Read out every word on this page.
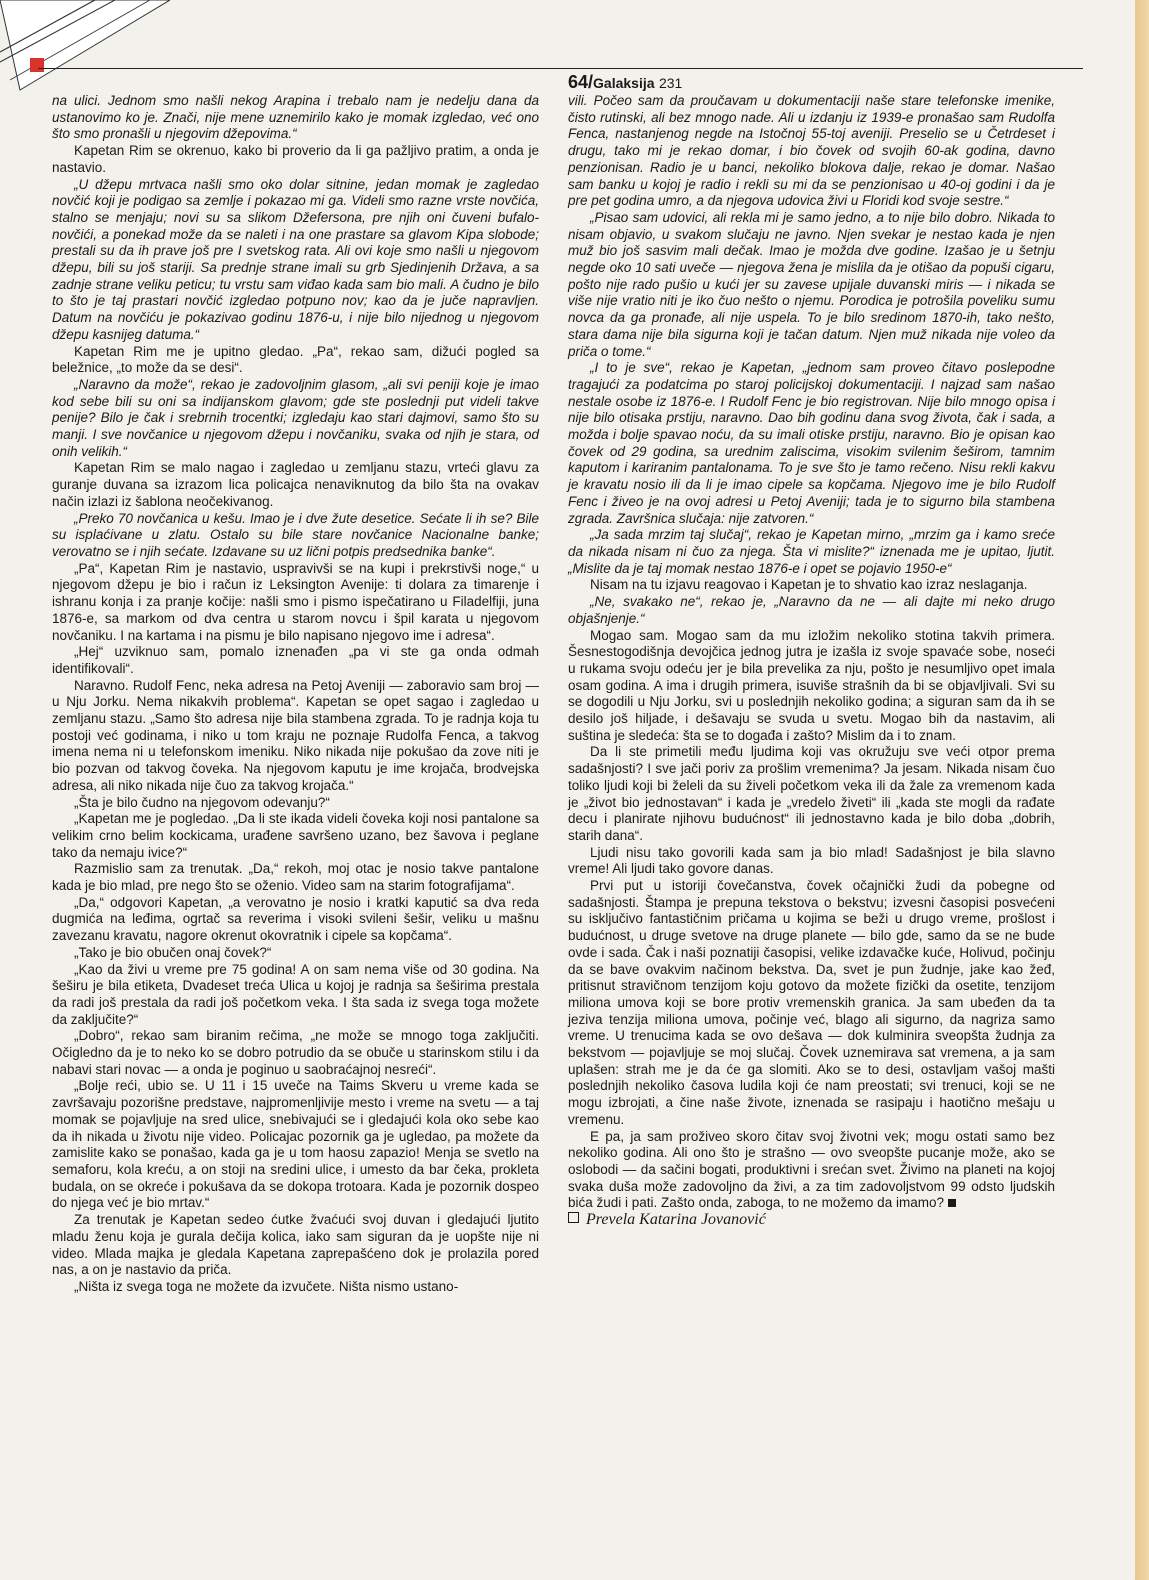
64/Galaksija 231

na ulici. Jednom smo našli nekog Arapina i trebalo nam je nedelju dana da ustanovimo ko je. Znači, nije mene uznemirilo kako je momak izgledao, već ono što smo pronašli u njegovim džepovima.“

Kapetan Rim se okrenuo, kako bi proverio da li ga pažljivo pratim, a onda je nastavio.

„U džepu mrtvaca našli smo oko dolar sitnine, jedan momak je zagledao novčić koji je podigao sa zemlje i pokazao mi ga. Videli smo razne vrste novčića, stalno se menjaju; novi su sa slikom Džefersona, pre njih oni čuveni bufalo-novčići, a ponekad može da se naleti i na one prastare sa glavom Kipa slobode; prestali su da ih prave još pre I svetskog rata. Ali ovi koje smo našli u njegovom džepu, bili su još stariji. Sa prednje strane imali su grb Sjedinjenih Država, a sa zadnje strane veliku peticu; tu vrstu sam viđao kada sam bio mali. A čudno je bilo to što je taj prastari novčić izgledao potpuno nov; kao da je juče napravljen. Datum na novčiću je pokazivao godinu 1876-u, i nije bilo nijednog u njegovom džepu kasnijeg datuma.“

Kapetan Rim me je upitno gledao. „Pa“, rekao sam, dižući pogled sa beležnice, „to može da se desi“.

„Naravno da može“, rekao je zadovoljnim glasom, „ali svi peniji koje je imao kod sebe bili su oni sa indijanskom glavom; gde ste poslednji put videli takve penije? Bilo je čak i srebrnih trocentki; izgledaju kao stari dajmovi, samo što su manji. I sve novčanice u njegovom džepu i novčaniku, svaka od njih je stara, od onih velikih.“

Kapetan Rim se malo nagao i zagledao u zemljanu stazu, vrteći glavu za guranje duvana sa izrazom lica policajca nenaviknutog da bilo šta na ovakav način izlazi iz šablona neočekivanog.

„Preko 70 novčanica u kešu. Imao je i dve žute desetice. Sećate li ih se? Bile su isplaćivane u zlatu. Ostalo su bile stare novčanice Nacionalne banke; verovatno se i njih sećate. Izdavane su uz lični potpis predsednika banke“.

„Pa“, Kapetan Rim je nastavio, uspravivši se na kupi i prekrstivši noge,“ u njegovom džepu je bio i račun iz Leksington Avenije: ti dolara za timarenje i ishranu konja i za pranje kočije: našli smo i pismo ispečatirano u Filadelfiji, juna 1876-e, sa markom od dva centra u starom novcu i špil karata u njegovom novčaniku. I na kartama i na pismu je bilo napisano njegovo ime i adresa“.

„Hej“ uzviknuo sam, pomalo iznenađen „pa vi ste ga onda odmah identifikovali“.

Naravno. Rudolf Fenc, neka adresa na Petoj Aveniji — zaboravio sam broj — u Nju Jorku. Nema nikakvih problema“. Kapetan se opet sagao i zagledao u zemljanu stazu. „Samo što adresa nije bila stambena zgrada. To je radnja koja tu postoji već godinama, i niko u tom kraju ne poznaje Rudolfa Fenca, a takvog imena nema ni u telefonskom imeniku. Niko nikada nije pokušao da zove niti je bio pozvan od takvog čoveka. Na njegovom kaputu je ime krojača, brodvejska adresa, ali niko nikada nije čuo za takvog krojača.“

„Šta je bilo čudno na njegovom odevanju?“

„Kapetan me je pogledao. „Da li ste ikada videli čoveka koji nosi pantalone sa velikim crno belim kockicama, urađene savršeno uzano, bez šavova i peglane tako da nemaju ivice?“

Razmislio sam za trenutak. „Da,“ rekoh, moj otac je nosio takve pantalone kada je bio mlad, pre nego što se oženio. Video sam na starim fotografijama“.

„Da,“ odgovori Kapetan, „a verovatno je nosio i kratki kaputić sa dva reda dugmića na leđima, ogrtač sa reverima i visoki svileni šešir, veliku u mašnu zavezanu kravatu, nagore okrenut okovratnik i cipele sa kopčama“.

„Tako je bio obučen onaj čovek?“

„Kao da živi u vreme pre 75 godina! A on sam nema više od 30 godina. Na šeširu je bila etiketa, Dvadeset treća Ulica u kojoj je radnja sa šeširima prestala da radi još prestala da radi još početkom veka. I šta sada iz svega toga možete da zaključite?“

„Dobro“, rekao sam biranim rečima, „ne može se mnogo toga zaključiti. Očigledno da je to neko ko se dobro potrudio da se obuče u starinskom stilu i da nabavi stari novac — a onda je poginuo u saobraćajnoj nesreći“.

„Bolje reći, ubio se. U 11 i 15 uveče na Taims Skveru u vreme kada se završavaju pozorišne predstave, najpromenljivije mesto i vreme na svetu — a taj momak se pojavljuje na sred ulice, snebivajući se i gledajući kola oko sebe kao da ih nikada u životu nije video. Policajac pozornik ga je ugledao, pa možete da zamislite kako se ponašao, kada ga je u tom haosu zapazio! Menja se svetlo na semaforu, kola kreću, a on stoji na sredini ulice, i umesto da bar čeka, prokleta budala, on se okreće i pokušava da se dokopa trotoara. Kada je pozornik dospeo do njega već je bio mrtav.“

Za trenutak je Kapetan sedeo ćutke žvaćući svoj duvan i gledajući ljutito mladu ženu koja je gurala dečija kolica, iako sam siguran da je uopšte nije ni video. Mlada majka je gledala Kapetana zaprepašćeno dok je prolazila pored nas, a on je nastavio da priča.

„Ništa iz svega toga ne možete da izvučete. Ništa nismo ustano-

vili. Počeo sam da proučavam u dokumentaciji naše stare telefonske imenike, čisto rutinski, ali bez mnogo nade. Ali u izdanju iz 1939-e pronašao sam Rudolfa Fenca, nastanjenog negde na Istočnoj 55-toj aveniji. Preselio se u Četrdeset i drugu, tako mi je rekao domar, i bio čovek od svojih 60-ak godina, davno penzionisan. Radio je u banci, nekoliko blokova dalje, rekao je domar. Našao sam banku u kojoj je radio i rekli su mi da se penzionisao u 40-oj godini i da je pre pet godina umro, a da njegova udovica živi u Floridi kod svoje sestre.“

„Pisao sam udovici, ali rekla mi je samo jedno, a to nije bilo dobro. Nikada to nisam objavio, u svakom slučaju ne javno. Njen svekar je nestao kada je njen muž bio još sasvim mali dečak. Imao je možda dve godine. Izašao je u šetnju negde oko 10 sati uveče — njegova žena je mislila da je otišao da popuši cigaru, pošto nije rado pušio u kući jer su zavese upijale duvanski miris — i nikada se više nije vratio niti je iko čuo nešto o njemu. Porodica je potrošila poveliku sumu novca da ga pronađe, ali nije uspela. To je bilo sredinom 1870-ih, tako nešto, stara dama nije bila sigurna koji je tačan datum. Njen muž nikada nije voleo da priča o tome.“

„I to je sve“, rekao je Kapetan, „jednom sam proveo čitavo poslepodne tragajući za podatcima po staroj policijskoj dokumentaciji. I najzad sam našao nestale osobe iz 1876-e. I Rudolf Fenc je bio registrovan. Nije bilo mnogo opisa i nije bilo otisaka prstiju, naravno. Dao bih godinu dana svog života, čak i sada, a možda i bolje spavao noću, da su imali otiske prstiju, naravno. Bio je opisan kao čovek od 29 godina, sa urednim zaliscima, visokim svilenim šeširom, tamnim kaputom i kariranim pantalonama. To je sve što je tamo rečeno. Nisu rekli kakvu je kravatu nosio ili da li je imao cipele sa kopčama. Njegovo ime je bilo Rudolf Fenc i živeo je na ovoj adresi u Petoj Aveniji; tada je to sigurno bila stambena zgrada. Završnica slučaja: nije zatvoren.“

„Ja sada mrzim taj slučaj“, rekao je Kapetan mirno, „mrzim ga i kamo sreće da nikada nisam ni čuo za njega. Šta vi mislite?“ iznenada me je upitao, ljutit. „Mislite da je taj momak nestao 1876-e i opet se pojavio 1950-e“

Nisam na tu izjavu reagovao i Kapetan je to shvatio kao izraz neslaganja.

„Ne, svakako ne“, rekao je, „Naravno da ne — ali dajte mi neko drugo objašnjenje.“

Mogao sam. Mogao sam da mu izložim nekoliko stotina takvih primera. Šesnestogodišnja devojčica jednog jutra je izašla iz svoje spavaće sobe, noseći u rukama svoju odeću jer je bila prevelika za nju, pošto je nesumljivo opet imala osam godina. A ima i drugih primera, isuviše strašnih da bi se objavljivali. Svi su se dogodili u Nju Jorku, svi u poslednjih nekoliko godina; a siguran sam da ih se desilo još hiljade, i dešavaju se svuda u svetu. Mogao bih da nastavim, ali suština je sledeća: šta se to događa i zašto? Mislim da i to znam.

Da li ste primetili među ljudima koji vas okružuju sve veći otpor prema sadašnjosti? I sve jači poriv za prošlim vremenima? Ja jesam. Nikada nisam čuo toliko ljudi koji bi želeli da su živeli početkom veka ili da žale za vremenom kada je „život bio jednostavan“ i kada je „vredelo živeti“ ili „kada ste mogli da rađate decu i planirate njihovu budućnost“ ili jednostavno kada je bilo doba „dobrih, starih dana“.

Ljudi nisu tako govorili kada sam ja bio mlad! Sadašnjost je bila slavno vreme! Ali ljudi tako govore danas.

Prvi put u istoriji čovečanstva, čovek očajnički žudi da pobegne od sadašnjosti. Štampa je prepuna tekstova o bekstvu; izvesni časopisi posvećeni su isključivo fantastičnim pričama u kojima se beži u drugo vreme, prošlost i budućnost, u druge svetove na druge planete — bilo gde, samo da se ne bude ovde i sada. Čak i naši poznatiji časopisi, velike izdavačke kuće, Holivud, počinju da se bave ovakvim načinom bekstva. Da, svet je pun žudnje, jake kao žeđ, pritisnut stravičnom tenzijom koju gotovo da možete fizički da osetite, tenzijom miliona umova koji se bore protiv vremenskih granica. Ja sam ubeđen da ta jeziva tenzija miliona umova, počinje već, blago ali sigurno, da nagriza samo vreme. U trenucima kada se ovo dešava — dok kulminira sveopšta žudnja za bekstvom — pojavljuje se moj slučaj. Čovek uznemirava sat vremena, a ja sam uplašen: strah me je da će ga slomiti. Ako se to desi, ostavljam vašoj mašti poslednjih nekoliko časova ludila koji će nam preostati; svi trenuci, koji se ne mogu izbrojati, a čine naše živote, iznenada se rasipaju i haotično mešaju u vremenu.

E pa, ja sam proživeo skoro čitav svoj životni vek; mogu ostati samo bez nekoliko godina. Ali ono što je strašno — ovo sveopšte pucanje može, ako se oslobodi — da sačini bogati, produktivni i srećan svet. Živimo na planeti na kojoj svaka duša može zadovoljno da živi, a za tim zadovoljstvom 99 odsto ljudskih bića žudi i pati. Zašto onda, zaboga, to ne možemo da imamo?

Prevela Katarina Jovanović
